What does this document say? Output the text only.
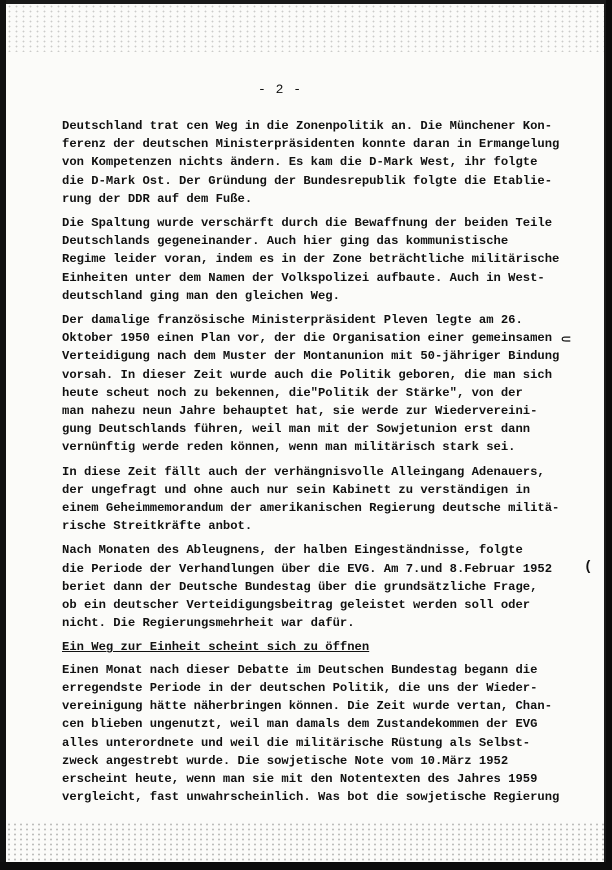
- 2 -
Deutschland trat cen Weg in die Zonenpolitik an. Die Münchener Kon-
ferenz der deutschen Ministerpräsidenten konnte daran in Ermangelung
von Kompetenzen nichts ändern. Es kam die D-Mark West, ihr folgte
die D-Mark Ost. Der Gründung der Bundesrepublik folgte die Etablie-
rung der DDR auf dem Fuße.
Die Spaltung wurde verschärft durch die Bewaffnung der beiden Teile
Deutschlands gegeneinander. Auch hier ging das kommunistische
Regime leider voran, indem es in der Zone beträchtliche militärische
Einheiten unter dem Namen der Volkspolizei aufbaute. Auch in West-
deutschland ging man den gleichen Weg.
Der damalige französische Ministerpräsident Pleven legte am 26.
Oktober 1950 einen Plan vor, der die Organisation einer gemeinsamen
Verteidigung nach dem Muster der Montanunion mit 50-jähriger Bindung
vorsah. In dieser Zeit wurde auch die Politik geboren, die man sich
heute scheut noch zu bekennen, die"Politik der Stärke", von der
man nahezu neun Jahre behauptet hat, sie werde zur Wiedervereini-
gung Deutschlands führen, weil man mit der Sowjetunion erst dann
vernünftig werde reden können, wenn man militärisch stark sei.
In diese Zeit fällt auch der verhängnisvolle Alleingang Adenauers,
der ungefragt und ohne auch nur sein Kabinett zu verständigen in
einem Geheimmemorandum der amerikanischen Regierung deutsche militä-
rische Streitkräfte anbot.
Nach Monaten des Ableugnens, der halben Eingeständnisse, folgte
die Periode der Verhandlungen über die EVG. Am 7.und 8.Februar 1952
beriet dann der Deutsche Bundestag über die grundsätzliche Frage,
ob ein deutscher Verteidigungsbeitrag geleistet werden soll oder
nicht. Die Regierungsmehrheit war dafür.
Ein Weg zur Einheit scheint sich zu öffnen
Einen Monat nach dieser Debatte im Deutschen Bundestag begann die
erregendste Periode in der deutschen Politik, die uns der Wieder-
vereinigung hätte näherbringen können. Die Zeit wurde vertan, Chan-
cen blieben ungenutzt, weil man damals dem Zustandekommen der EVG
alles unterordnete und weil die militärische Rüstung als Selbst-
zweck angestrebt wurde. Die sowjetische Note vom 10.März 1952
erscheint heute, wenn man sie mit den Notentexten des Jahres 1959
vergleicht, fast unwahrscheinlich. Was bot die sowjetische Regierung
⸦
(
